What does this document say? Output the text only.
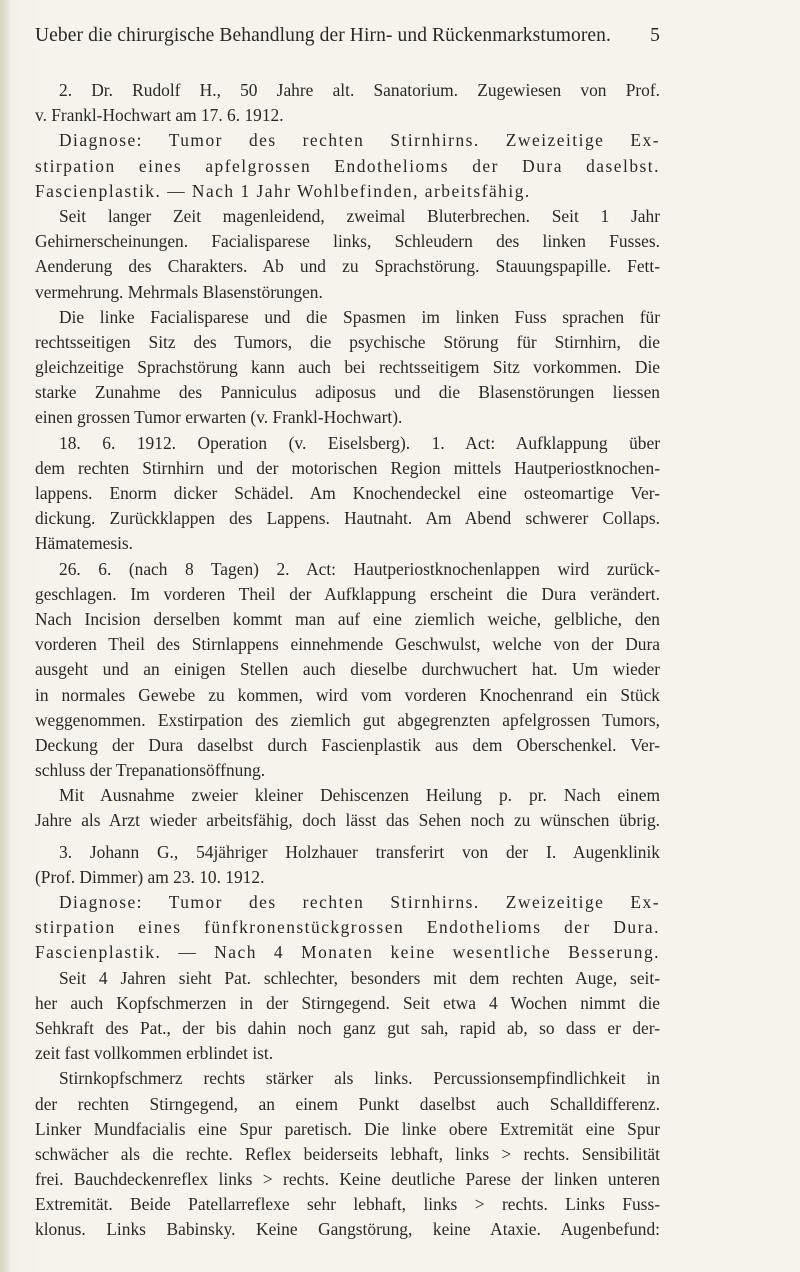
Ueber die chirurgische Behandlung der Hirn- und Rückenmarkstumoren. 5
2. Dr. Rudolf H., 50 Jahre alt. Sanatorium. Zugewiesen von Prof.
v. Frankl-Hochwart am 17. 6. 1912.
Diagnose: Tumor des rechten Stirnhirns. Zweizeitige Ex-
stirpation eines apfelgrossen Endothelioms der Dura daselbst.
Fascienplastik. — Nach 1 Jahr Wohlbefinden, arbeitsfähig.
Seit langer Zeit magenleidend, zweimal Bluterbrechen. Seit 1 Jahr
Gehirnerscheinungen. Facialisparese links, Schleudern des linken Fusses.
Aenderung des Charakters. Ab und zu Sprachstörung. Stauungspapille. Fett-
vermehrung. Mehrmals Blasenstörungen.
Die linke Facialisparese und die Spasmen im linken Fuss sprachen für
rechtsseitigen Sitz des Tumors, die psychische Störung für Stirnhirn, die
gleichzeitige Sprachstörung kann auch bei rechtsseitigem Sitz vorkommen. Die
starke Zunahme des Panniculus adiposus und die Blasenstörungen liessen
einen grossen Tumor erwarten (v. Frankl-Hochwart).
18. 6. 1912. Operation (v. Eiselsberg). 1. Act: Aufklappung über
dem rechten Stirnhirn und der motorischen Region mittels Hautperiostknochen-
lappens. Enorm dicker Schädel. Am Knochendeckel eine osteomartige Ver-
dickung. Zurückklappen des Lappens. Hautnaht. Am Abend schwerer Collaps.
Hämatemesis.
26. 6. (nach 8 Tagen) 2. Act: Hautperiostknochenlappen wird zurück-
geschlagen. Im vorderen Theil der Aufklappung erscheint die Dura verändert.
Nach Incision derselben kommt man auf eine ziemlich weiche, gelbliche, den
vorderen Theil des Stirnlappens einnehmende Geschwulst, welche von der Dura
ausgeht und an einigen Stellen auch dieselbe durchwuchert hat. Um wieder
in normales Gewebe zu kommen, wird vom vorderen Knochenrand ein Stück
weggenommen. Exstirpation des ziemlich gut abgegrenzten apfelgrossen Tumors,
Deckung der Dura daselbst durch Fascienplastik aus dem Oberschenkel. Ver-
schluss der Trepanationsöffnung.
Mit Ausnahme zweier kleiner Dehiscenzen Heilung p. pr. Nach einem
Jahre als Arzt wieder arbeitsfähig, doch lässt das Sehen noch zu wünschen übrig.
3. Johann G., 54jähriger Holzhauer transferirt von der I. Augenklinik
(Prof. Dimmer) am 23. 10. 1912.
Diagnose: Tumor des rechten Stirnhirns. Zweizeitige Ex-
stirpation eines fünfkronenstückgrossen Endothelioms der Dura.
Fascienplastik. — Nach 4 Monaten keine wesentliche Besserung.
Seit 4 Jahren sieht Pat. schlechter, besonders mit dem rechten Auge, seit-
her auch Kopfschmerzen in der Stirngegend. Seit etwa 4 Wochen nimmt die
Sehkraft des Pat., der bis dahin noch ganz gut sah, rapid ab, so dass er der-
zeit fast vollkommen erblindet ist.
Stirnkopfschmerz rechts stärker als links. Percussionsempfindlichkeit in
der rechten Stirngegend, an einem Punkt daselbst auch Schalldifferenz.
Linker Mundfacialis eine Spur paretisch. Die linke obere Extremität eine Spur
schwächer als die rechte. Reflex beiderseits lebhaft, links > rechts. Sensibilität
frei. Bauchdeckenreflex links > rechts. Keine deutliche Parese der linken unteren
Extremität. Beide Patellarreflexe sehr lebhaft, links > rechts. Links Fuss-
klonus. Links Babinsky. Keine Gangstörung, keine Ataxie. Augenbefund:
